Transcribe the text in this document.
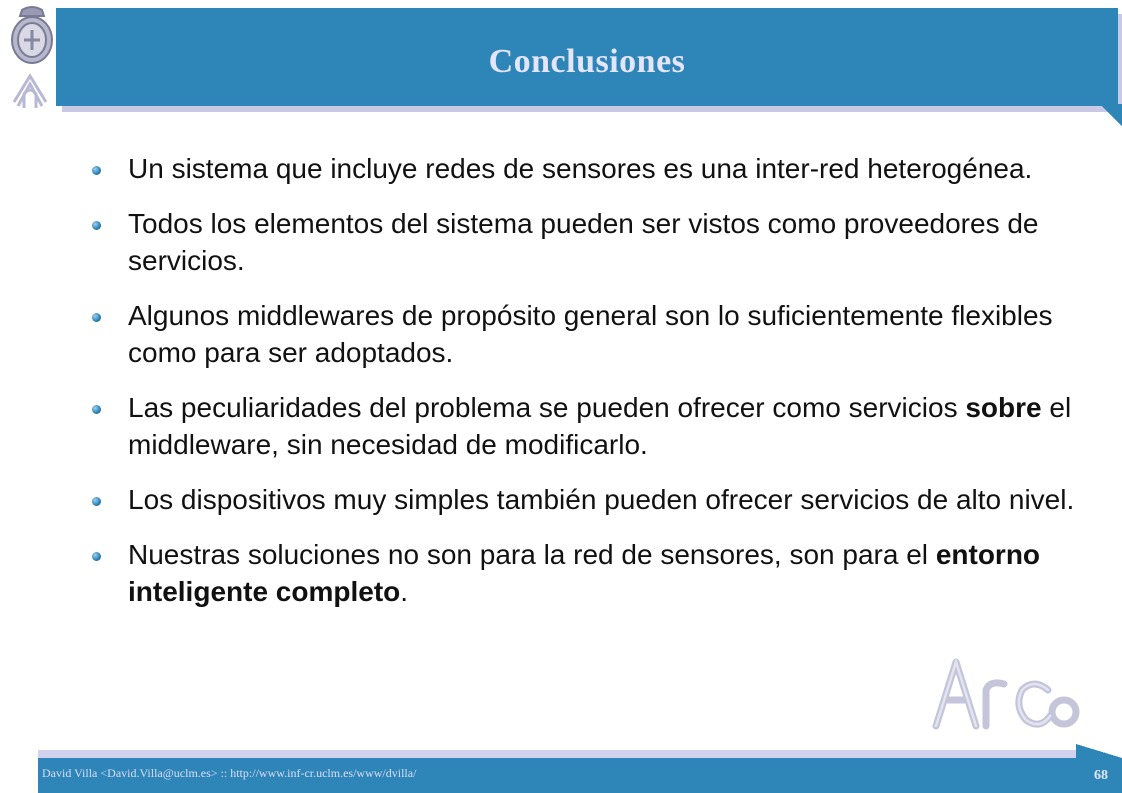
Conclusiones
Un sistema que incluye redes de sensores es una inter-red heterogénea.
Todos los elementos del sistema pueden ser vistos como proveedores de servicios.
Algunos middlewares de propósito general son lo suficientemente flexibles como para ser adoptados.
Las peculiaridades del problema se pueden ofrecer como servicios sobre el middleware, sin necesidad de modificarlo.
Los dispositivos muy simples también pueden ofrecer servicios de alto nivel.
Nuestras soluciones no son para la red de sensores, son para el entorno inteligente completo.
David Villa <David.Villa@uclm.es> :: http://www.inf-cr.uclm.es/www/dvilla/	68
